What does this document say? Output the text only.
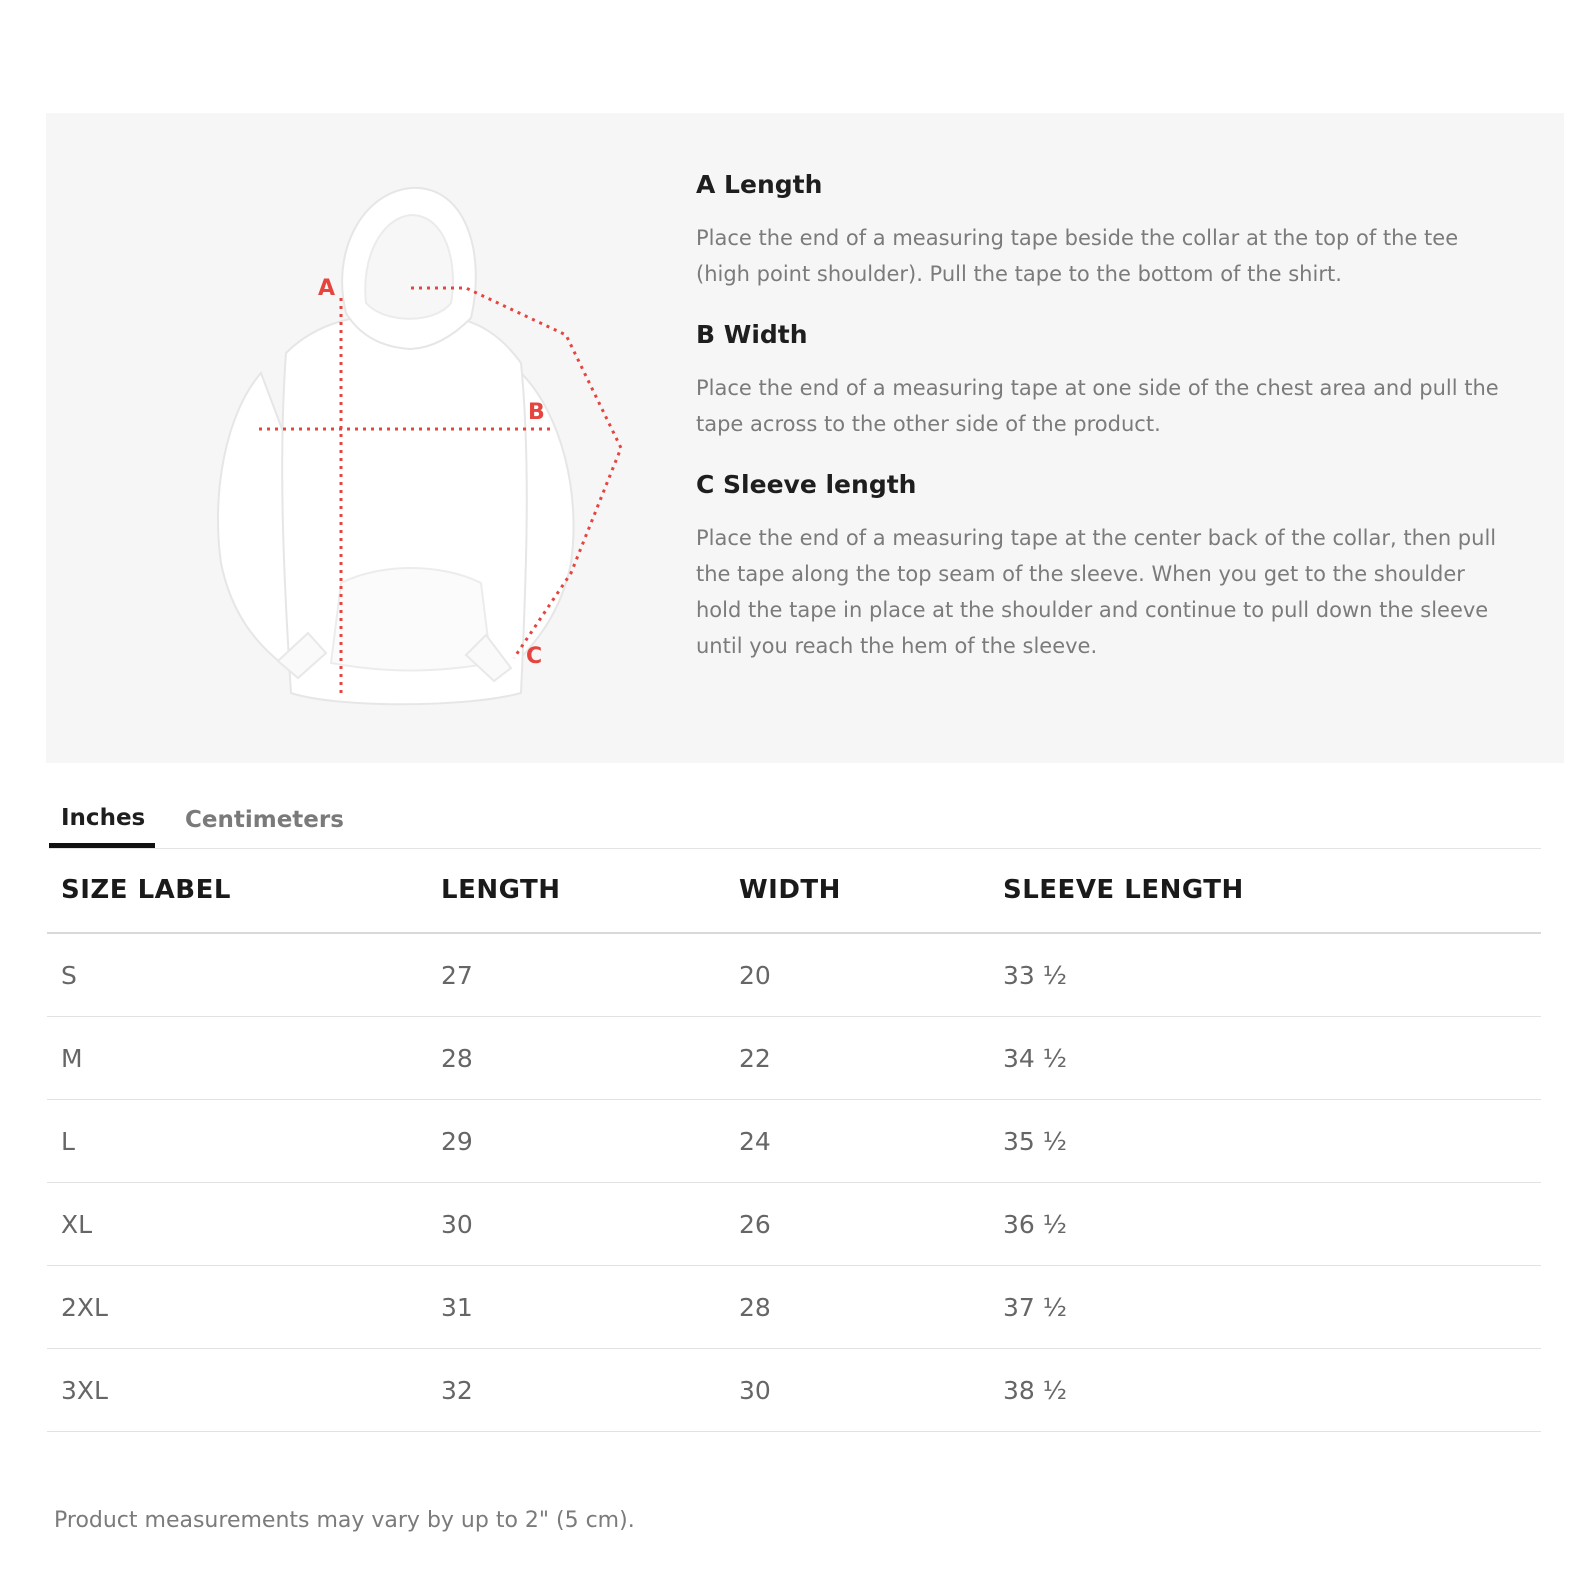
A
B
C

A Length

Place the end of a measuring tape beside the collar at the top of the tee (high point shoulder). Pull the tape to the bottom of the shirt.

B Width

Place the end of a measuring tape at one side of the chest area and pull the tape across to the other side of the product.

C Sleeve length

Place the end of a measuring tape at the center back of the collar, then pull the tape along the top seam of the sleeve. When you get to the shoulder hold the tape in place at the shoulder and continue to pull down the sleeve until you reach the hem of the sleeve.

Inches	Centimeters
SIZE LABEL	LENGTH	WIDTH	SLEEVE LENGTH
S	27	20	33 ½
M	28	22	34 ½
L	29	24	35 ½
XL	30	26	36 ½
2XL	31	28	37 ½
3XL	32	30	38 ½

Product measurements may vary by up to 2" (5 cm).
